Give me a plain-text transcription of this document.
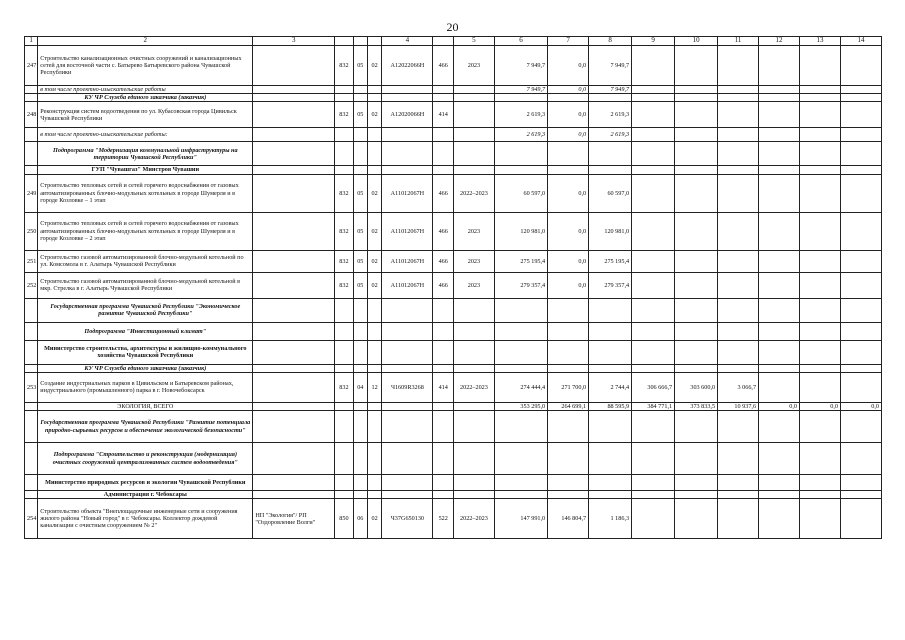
20
1	2	3				4		5	6	7	8	9	10	11	12	13	14
247	Строительство канализационных очистных сооружений и канализационных сетей для восточной части с. Батырево Батыревского района Чувашской Республики		832	05	02	А12022066Н	466	2023	7 949,7	0,0	7 949,7						
	в том числе проектно-изыскательские работы								7 949,7	0,0	7 949,7						
	КУ ЧР Служба единого заказчика (заказчик)																
248	Реконструкция систем водоотведения по ул. Кубасовская города Цивильск Чувашской Республики		832	05	02	А12020066Н	414		2 619,3	0,0	2 619,3						
	в том числе проектно-изыскательские работы:								2 619,3	0,0	2 619,3						
	Подпрограмма "Модернизация коммунальной инфраструктуры на территории Чувашской Республики"																
	ГУП "Чувашгаз" Минстроя Чувашии																
249	Строительство тепловых сетей и сетей горячего водоснабжения от газовых автоматизированных блочно-модульных котельных в городе Шумерля и в городе Козловке – 1 этап		832	05	02	А11012067Н	466	2022–2023	60 597,0	0,0	60 597,0						
250	Строительство тепловых сетей и сетей горячего водоснабжения от газовых автоматизированных блочно-модульных котельных в городе Шумерля и в городе Козловке – 2 этап		832	05	02	А11012067Н	466	2023	120 981,0	0,0	120 981,0						
251	Строительство газовой автоматизированной блочно-модульной котельной по ул. Комсомола в г. Алатырь Чувашской Республики		832	05	02	А11012067Н	466	2023	275 195,4	0,0	275 195,4						
252	Строительство газовой автоматизированной блочно-модульной котельной в мкр. Стрелка в г. Алатырь Чувашской Республики		832	05	02	А11012067Н	466	2023	279 357,4	0,0	279 357,4						
	Государственная программа Чувашской Республики "Экономическое развитие Чувашской Республики"																
	Подпрограмма "Инвестиционный климат"																
	Министерство строительства, архитектуры и жилищно-коммунального хозяйства Чувашской Республики																
	КУ ЧР Служба единого заказчика (заказчик)																
253	Создание индустриальных парков в Цивильском и Батыревском районах, индустриального (промышленного) парка в г. Новочебоксарск		832	04	12	Ч1609R3268	414	2022–2023	274 444,4	271 700,0	2 744,4	306 666,7	303 600,0	3 066,7			
	ЭКОЛОГИЯ, ВСЕГО								353 295,0	264 699,1	88 595,9	384 771,1	373 833,5	10 937,6	0,0	0,0	0,0
	Государственная программа Чувашской Республики "Развитие потенциала природно-сырьевых ресурсов и обеспечение экологической безопасности"																
	Подпрограмма "Строительство и реконструкция (модернизация) очистных сооружений централизованных систем водоотведения"																
	Министерство природных ресурсов и экологии Чувашской Республики																
	Администрация г. Чебоксары																
254	Строительство объекта "Внеплощадочные инженерные сети и сооружения жилого района "Новый город" в г. Чебоксары. Коллектор дождевой канализации с очистным сооружением № 2"	НП "Экология"/ РП "Оздоровление Волги"	850	06	02	Ч37G650130	522	2022–2023	147 991,0	146 804,7	1 186,3						
